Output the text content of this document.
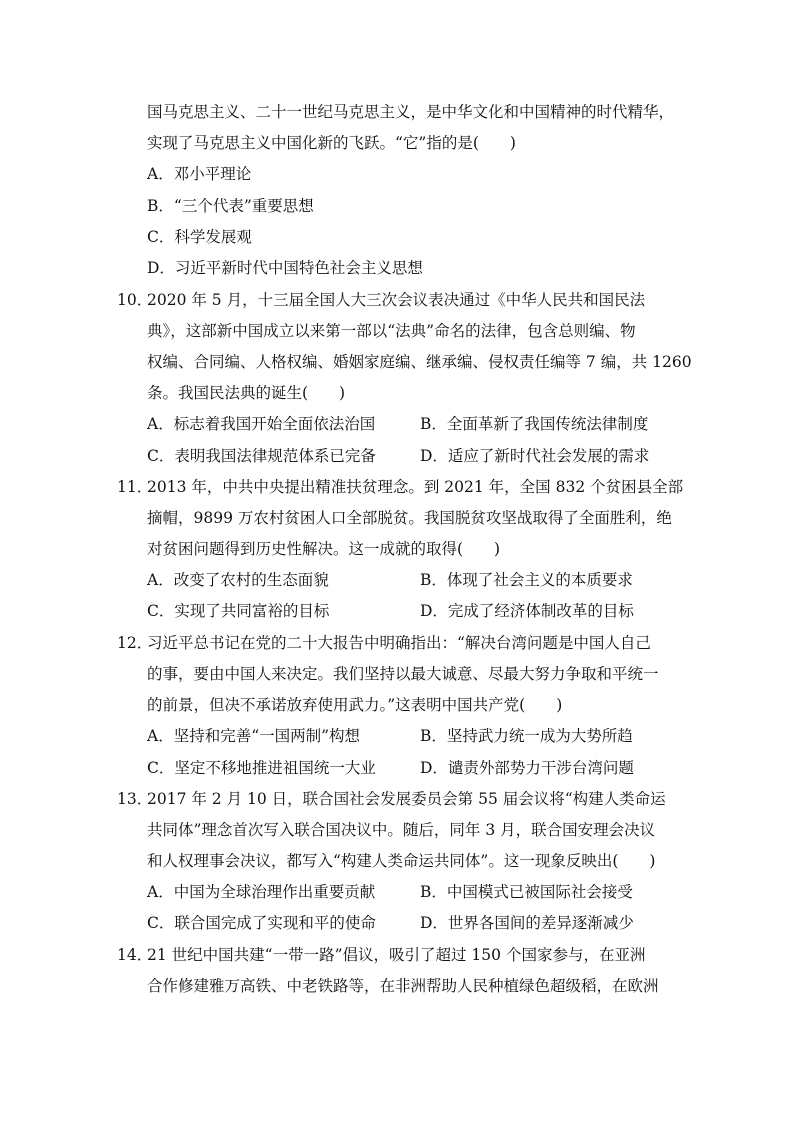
国马克思主义、二十一世纪马克思主义，是中华文化和中国精神的时代精华，
实现了马克思主义中国化新的飞跃。“它”指的是(　　)
A．邓小平理论
B．“三个代表”重要思想
C．科学发展观
D．习近平新时代中国特色社会主义思想
10．
2020 年 5 月，十三届全国人大三次会议表决通过《中华人民共和国民法
典》，这部新中国成立以来第一部以“法典”命名的法律，包含总则编、物
权编、合同编、人格权编、婚姻家庭编、继承编、侵权责任编等 7 编，共 1260
条。我国民法典的诞生(　　)
A．标志着我国开始全面依法治国	B．全面革新了我国传统法律制度
C．表明我国法律规范体系已完备	D．适应了新时代社会发展的需求
11．
2013 年，中共中央提出精准扶贫理念。到 2021 年，全国 832 个贫困县全部
摘帽，9899 万农村贫困人口全部脱贫。我国脱贫攻坚战取得了全面胜利，绝
对贫困问题得到历史性解决。这一成就的取得(　　)
A．改变了农村的生态面貌	B．体现了社会主义的本质要求
C．实现了共同富裕的目标	D．完成了经济体制改革的目标
12．
习近平总书记在党的二十大报告中明确指出：“解决台湾问题是中国人自己
的事，要由中国人来决定。我们坚持以最大诚意、尽最大努力争取和平统一
的前景，但决不承诺放弃使用武力。”这表明中国共产党(　　)
A．坚持和完善“一国两制”构想	B．坚持武力统一成为大势所趋
C．坚定不移地推进祖国统一大业	D．谴责外部势力干涉台湾问题
13．
2017 年 2 月 10 日，联合国社会发展委员会第 55 届会议将“构建人类命运
共同体”理念首次写入联合国决议中。随后，同年 3 月，联合国安理会决议
和人权理事会决议，都写入“构建人类命运共同体”。这一现象反映出(　　)
A．中国为全球治理作出重要贡献	B．中国模式已被国际社会接受
C．联合国完成了实现和平的使命	D．世界各国间的差异逐渐减少
14．
21 世纪中国共建“一带一路”倡议，吸引了超过 150 个国家参与，在亚洲
合作修建雅万高铁、中老铁路等，在非洲帮助人民种植绿色超级稻，在欧洲
